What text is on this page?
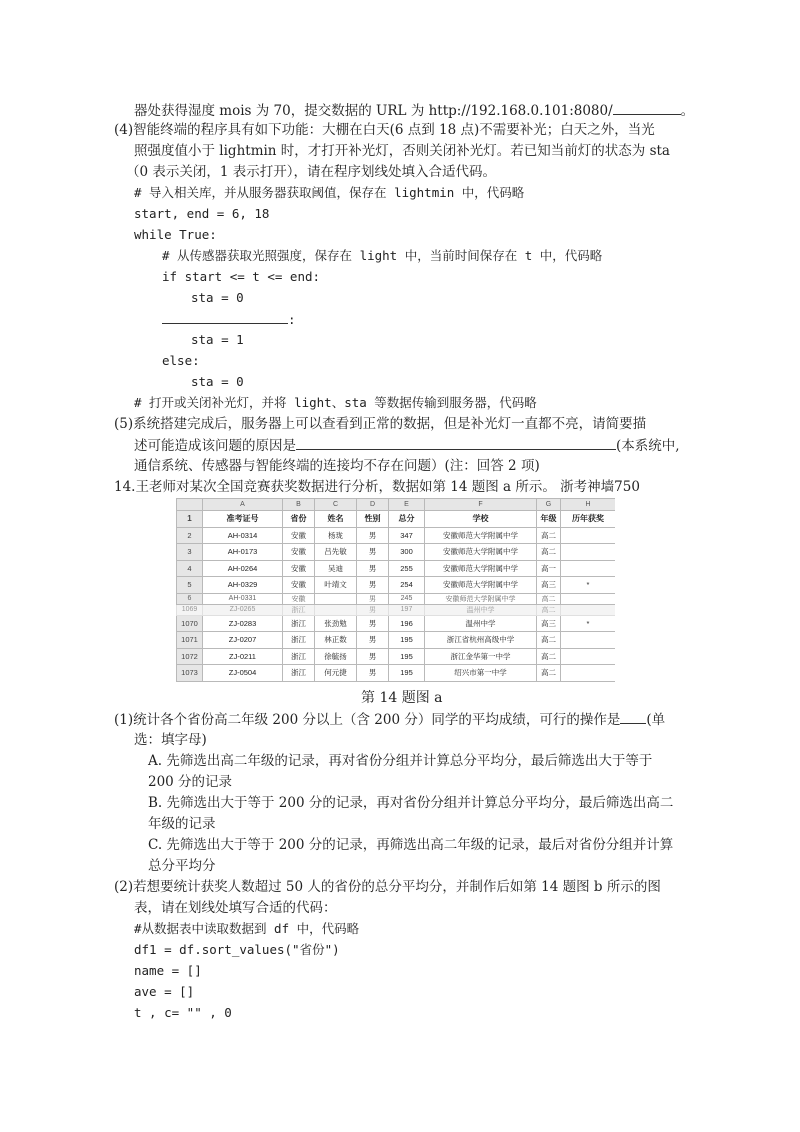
器处获得湿度 mois 为 70，提交数据的 URL 为 http://192.168.0.101:8080/	。
(4)智能终端的程序具有如下功能：大棚在白天(6 点到 18 点)不需要补光；白天之外，当光
照强度值小于 lightmin 时，才打开补光灯，否则关闭补光灯。若已知当前灯的状态为 sta
（0 表示关闭，1 表示打开），请在程序划线处填入合适代码。
# 导入相关库，并从服务器获取阈值，保存在 lightmin 中，代码略
start, end = 6, 18
while True:
# 从传感器获取光照强度，保存在 light 中，当前时间保存在 t 中，代码略
if start <= t <= end:
sta = 0
:
sta = 1
else:
sta = 0
# 打开或关闭补光灯，并将 light、sta 等数据传输到服务器，代码略
(5)系统搭建完成后，服务器上可以查看到正常的数据，但是补光灯一直都不亮，请简要描
述可能造成该问题的原因是	(本系统中,
通信系统、传感器与智能终端的连接均不存在问题）(注：回答 2 项)
14.王老师对某次全国竞赛获奖数据进行分析，数据如第 14 题图 a 所示。 浙考神墙750
	A	B	C	D	E	F	G	H
1	准考证号	省份	姓名	性别	总分	学校	年级	历年获奖
2	AH-0314	安徽	杨珑	男	347	安徽师范大学附属中学	高二	
3	AH-0173	安徽	吕先敏	男	300	安徽师范大学附属中学	高二	
4	AH-0264	安徽	吴迪	男	255	安徽师范大学附属中学	高一	
5	AH-0329	安徽	叶靖文	男	254	安徽师范大学附属中学	高三	*
6	AH-0331	安徽		男	245	安徽师范大学附属中学	高二	
1069	ZJ-0265	浙江		男	197	温州中学	高二	
1070	ZJ-0283	浙江	张劲勉	男	196	温州中学	高三	*
1071	ZJ-0207	浙江	林正数	男	195	浙江省杭州高级中学	高二	
1072	ZJ-0211	浙江	徐毓扬	男	195	浙江金华第一中学	高二	
1073	ZJ-0504	浙江	何元捷	男	195	绍兴市第一中学	高二	
第 14 题图 a
(1)统计各个省份高二年级 200 分以上（含 200 分）同学的平均成绩，可行的操作是 (单
选：填字母)
A. 先筛选出高二年级的记录，再对省份分组并计算总分平均分，最后筛选出大于等于
200 分的记录
B. 先筛选出大于等于 200 分的记录，再对省份分组并计算总分平均分，最后筛选出高二
年级的记录
C. 先筛选出大于等于 200 分的记录，再筛选出高二年级的记录，最后对省份分组并计算
总分平均分
(2)若想要统计获奖人数超过 50 人的省份的总分平均分，并制作后如第 14 题图 b 所示的图
表，请在划线处填写合适的代码：
#从数据表中读取数据到 df 中，代码略
df1 = df.sort_values("省份")
name = []
ave = []
t , c= "" , 0
